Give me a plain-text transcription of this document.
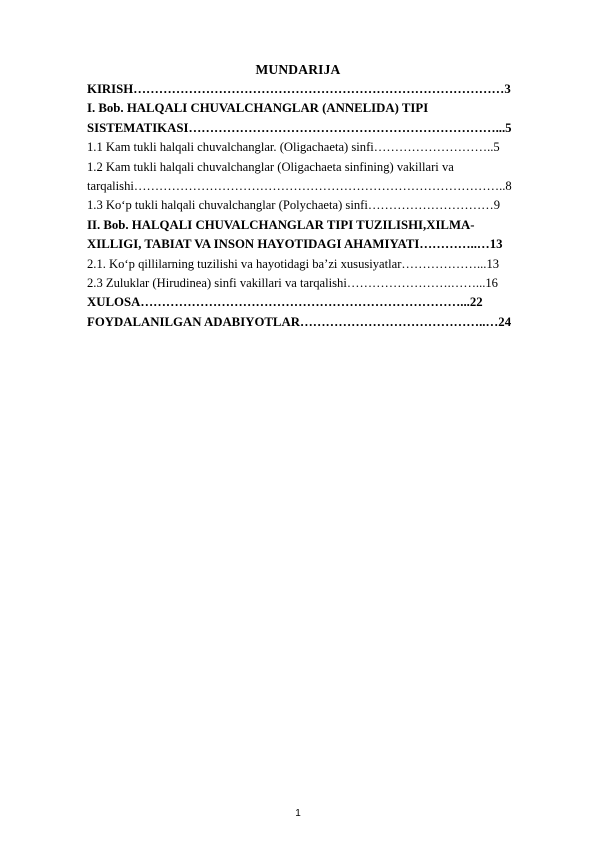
MUNDARIJA
KIRISH……………………………………………………………………………3
I. Bob. HALQALI CHUVALCHANGLAR (ANNELIDA) TIPI
SISTEMATIKASI………………………………………………………………...5
1.1 Kam tukli halqali chuvalchanglar. (Oligachaeta) sinfi………………………..5
1.2 Kam tukli halqali chuvalchanglar (Oligachaeta sinfining) vakillari va
tarqalishi……………………………………………………………………………..8
1.3 Ko‘p tukli halqali chuvalchanglar (Polychaeta) sinfi…………………………9
II. Bob. HALQALI CHUVALCHANGLAR TIPI TUZILISHI,XILMA-
XILLIGI, TABIAT VA INSON HAYOTIDAGI AHAMIYATI…………..…13
2.1. Ko‘p qillilarning tuzilishi va hayotidagi ba’zi xususiyatlar………………...13
2.3 Zuluklar (Hirudinea) sinfi vakillari va tarqalishi…………………….……...16
XULOSA…………………………………………………………………...22
FOYDALANILGAN ADABIYOTLAR……………………………………..…24
1
